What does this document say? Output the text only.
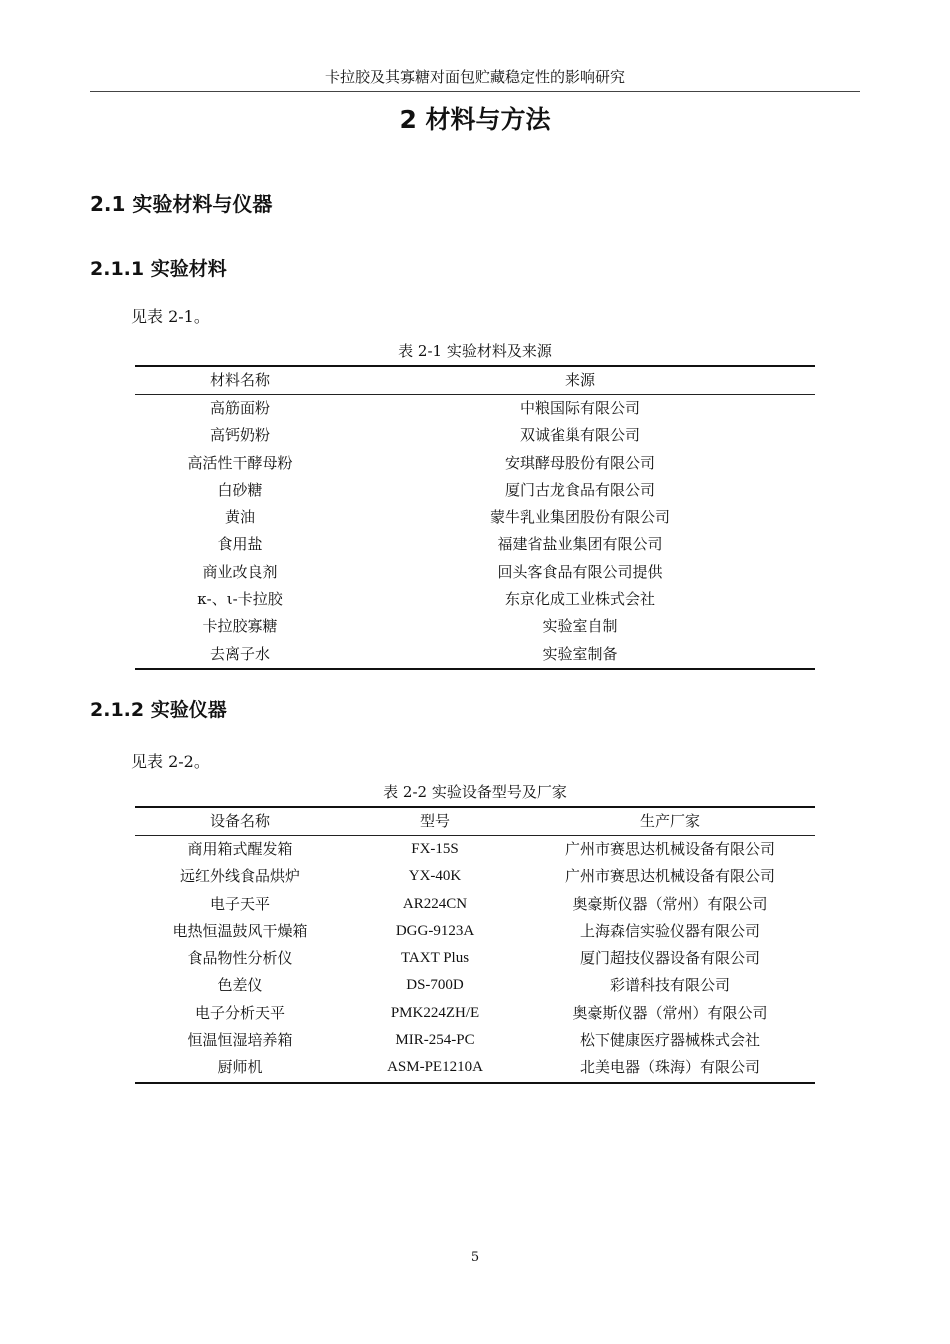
卡拉胶及其寡糖对面包贮藏稳定性的影响研究
2 材料与方法
2.1 实验材料与仪器
2.1.1 实验材料
见表 2-1。
表 2-1 实验材料及来源
材料名称	来源
高筋面粉	中粮国际有限公司
高钙奶粉	双诚雀巢有限公司
高活性干酵母粉	安琪酵母股份有限公司
白砂糖	厦门古龙食品有限公司
黄油	蒙牛乳业集团股份有限公司
食用盐	福建省盐业集团有限公司
商业改良剂	回头客食品有限公司提供
κ-、ι-卡拉胶	东京化成工业株式会社
卡拉胶寡糖	实验室自制
去离子水	实验室制备
2.1.2 实验仪器
见表 2-2。
表 2-2 实验设备型号及厂家
设备名称	型号	生产厂家
商用箱式醒发箱	FX-15S	广州市赛思达机械设备有限公司
远红外线食品烘炉	YX-40K	广州市赛思达机械设备有限公司
电子天平	AR224CN	奥豪斯仪器（常州）有限公司
电热恒温鼓风干燥箱	DGG-9123A	上海森信实验仪器有限公司
食品物性分析仪	TAXT Plus	厦门超技仪器设备有限公司
色差仪	DS-700D	彩谱科技有限公司
电子分析天平	PMK224ZH/E	奥豪斯仪器（常州）有限公司
恒温恒湿培养箱	MIR-254-PC	松下健康医疗器械株式会社
厨师机	ASM-PE1210A	北美电器（珠海）有限公司
5
